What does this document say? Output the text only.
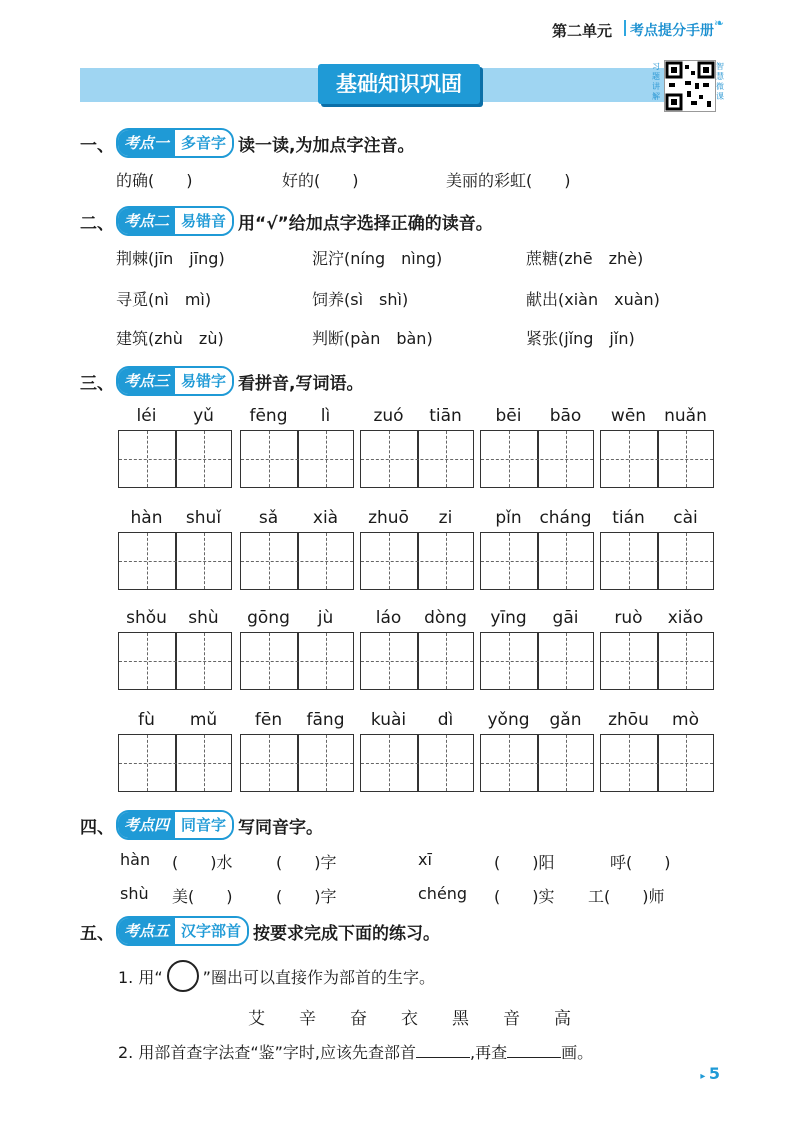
第二单元 考点提分手册 ❧
基础知识巩固
习题讲解
智慧微课
一、 考点一 多音字 读一读,为加点字注音。
的确(　　)	好的(　　)	美丽的彩虹(　　)
二、 考点二 易错音 用“√”给加点字选择正确的读音。
荆棘(jīn　jīng)	泥泞(níng　nìng)	蔗糖(zhē　zhè)
寻觅(nì　mì)	饲养(sì　shì)	献出(xiàn　xuàn)
建筑(zhù　zù)	判断(pàn　bàn)	紧张(jǐng　jǐn)
三、 考点三 易错字 看拼音,写词语。
léi	yǔ	fēng	lì	zuó	tiān	bēi	bāo	wēn	nuǎn
hàn	shuǐ	sǎ	xià	zhuō	zi	pǐn	cháng	tián	cài
shǒu	shù	gōng	jù	láo	dòng	yīng	gāi	ruò	xiǎo
fù	mǔ	fēn	fāng	kuài	dì	yǒng	gǎn	zhōu	mò
四、 考点四 同音字 写同音字。
hàn (　　)水	(　　)字	xī	(　　)阳	呼(　　)
shù 美(　　)	(　　)字	chéng (　　)实 工(　　)师
五、 考点五 汉字部首 按要求完成下面的练习。
1. 用“	”圈出可以直接作为部首的生字。
艾 辛 奋 衣 黑 音 高
2. 用部首查字法查“鉴”字时,应该先查部首	,再查	画。
▸ 5
